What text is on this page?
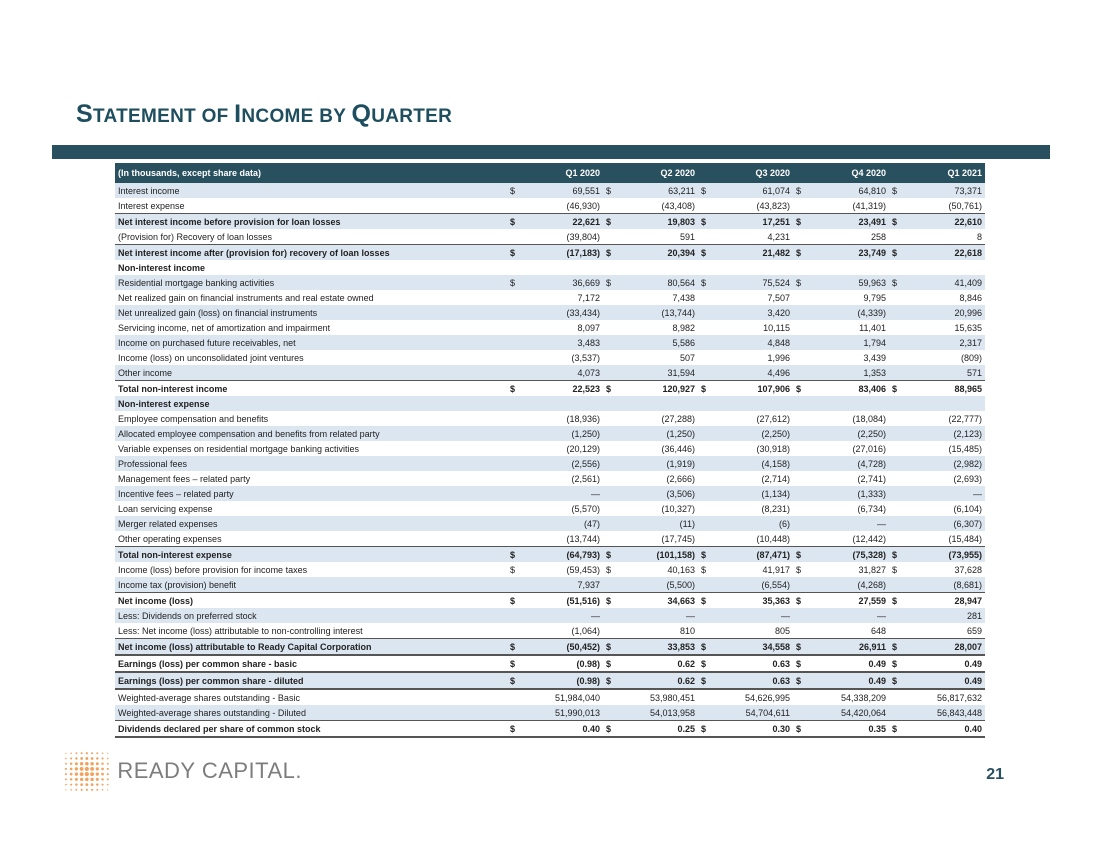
STATEMENT OF INCOME BY QUARTER
(In thousands, except share data)		Q1 2020		Q2 2020		Q3 2020		Q4 2020		Q1 2021
Interest income	$	69,551	$	63,211	$	61,074	$	64,810	$	73,371
Interest expense		(46,930)		(43,408)		(43,823)		(41,319)		(50,761)
Net interest income before provision for loan losses	$	22,621	$	19,803	$	17,251	$	23,491	$	22,610
(Provision for) Recovery of loan losses		(39,804)		591		4,231		258		8
Net interest income after (provision for) recovery of loan losses	$	(17,183)	$	20,394	$	21,482	$	23,749	$	22,618
Non-interest income										
Residential mortgage banking activities	$	36,669	$	80,564	$	75,524	$	59,963	$	41,409
Net realized gain on financial instruments and real estate owned		7,172		7,438		7,507		9,795		8,846
Net unrealized gain (loss) on financial instruments		(33,434)		(13,744)		3,420		(4,339)		20,996
Servicing income, net of amortization and impairment		8,097		8,982		10,115		11,401		15,635
Income on purchased future receivables, net		3,483		5,586		4,848		1,794		2,317
Income (loss) on unconsolidated joint ventures		(3,537)		507		1,996		3,439		(809)
Other income		4,073		31,594		4,496		1,353		571
Total non-interest income	$	22,523	$	120,927	$	107,906	$	83,406	$	88,965
Non-interest expense										
Employee compensation and benefits		(18,936)		(27,288)		(27,612)		(18,084)		(22,777)
Allocated employee compensation and benefits from related party		(1,250)		(1,250)		(2,250)		(2,250)		(2,123)
Variable expenses on residential mortgage banking activities		(20,129)		(36,446)		(30,918)		(27,016)		(15,485)
Professional fees		(2,556)		(1,919)		(4,158)		(4,728)		(2,982)
Management fees – related party		(2,561)		(2,666)		(2,714)		(2,741)		(2,693)
Incentive fees – related party		—		(3,506)		(1,134)		(1,333)		—
Loan servicing expense		(5,570)		(10,327)		(8,231)		(6,734)		(6,104)
Merger related expenses		(47)		(11)		(6)		—		(6,307)
Other operating expenses		(13,744)		(17,745)		(10,448)		(12,442)		(15,484)
Total non-interest expense	$	(64,793)	$	(101,158)	$	(87,471)	$	(75,328)	$	(73,955)
Income (loss) before provision for income taxes	$	(59,453)	$	40,163	$	41,917	$	31,827	$	37,628
Income tax (provision) benefit		7,937		(5,500)		(6,554)		(4,268)		(8,681)
Net income (loss)	$	(51,516)	$	34,663	$	35,363	$	27,559	$	28,947
Less: Dividends on preferred stock		—		—		—		—		281
Less: Net income (loss) attributable to non-controlling interest		(1,064)		810		805		648		659
Net income (loss) attributable to Ready Capital Corporation	$	(50,452)	$	33,853	$	34,558	$	26,911	$	28,007
Earnings (loss) per common share - basic	$	(0.98)	$	0.62	$	0.63	$	0.49	$	0.49
Earnings (loss) per common share - diluted	$	(0.98)	$	0.62	$	0.63	$	0.49	$	0.49
Weighted-average shares outstanding - Basic		51,984,040		53,980,451		54,626,995		54,338,209		56,817,632
Weighted-average shares outstanding - Diluted		51,990,013		54,013,958		54,704,611		54,420,064		56,843,448
Dividends declared per share of common stock	$	0.40	$	0.25	$	0.30	$	0.35	$	0.40
READY CAPITAL.	21
